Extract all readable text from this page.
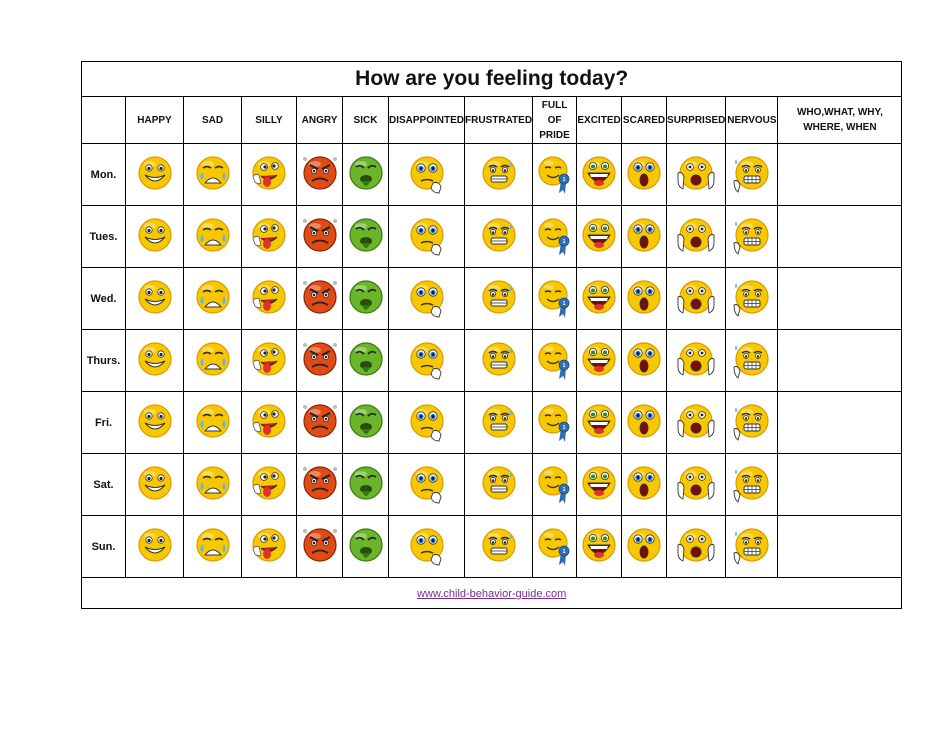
How are you feeling today?													
	HAPPY	SAD	SILLY	ANGRY	SICK	DISAPPOINTED	FRUSTRATED	FULL OF PRIDE	EXCITED	SCARED	SURPRISED	NERVOUS	WHO,WHAT, WHY, WHERE, WHEN
Mon.								1

Tues.								1

Wed.								1

Thurs.								1

Fri.								1

Sat.								1

Sun.								1

www.child-behavior-guide.com													
